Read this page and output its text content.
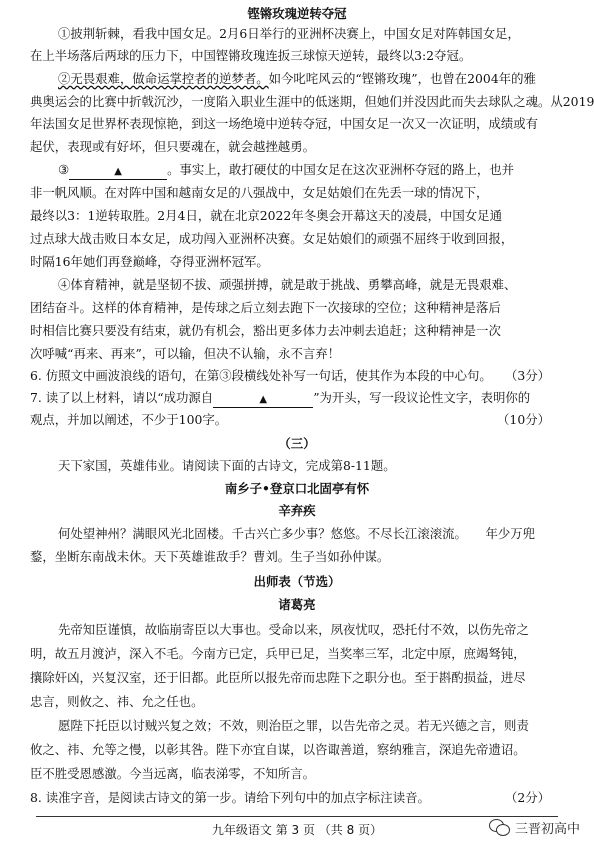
铿锵玫瑰逆转夺冠
①披荆斩棘，看我中国女足。2月6日举行的亚洲杯决赛上，中国女足对阵韩国女足，
在上半场落后两球的压力下，中国铿锵玫瑰连扳三球惊天逆转，最终以3:2夺冠。
②无畏艰难，做命运掌控者的逆梦者。如今叱咤风云的“铿锵玫瑰”，也曾在2004年的雅
典奥运会的比赛中折戟沉沙，一度陷入职业生涯中的低迷期，但她们并没因此而失去球队之魂。从2019
年法国女足世界杯表现惊艳，到这一场绝境中逆转夺冠，中国女足一次又一次证明，成绩或有
起伏，表现或有好坏，但只要魂在，就会越挫越勇。
③	▲	。事实上，敢打硬仗的中国女足在这次亚洲杯夺冠的路上，也并
非一帆风顺。在对阵中国和越南女足的八强战中，女足姑娘们在先丢一球的情况下，
最终以3：1逆转取胜。2月4日，就在北京2022年冬奥会开幕这天的凌晨，中国女足通
过点球大战击败日本女足，成功闯入亚洲杯决赛。女足姑娘们的顽强不屈终于收到回报，
时隔16年她们再登巅峰，夺得亚洲杯冠军。
④体育精神，就是坚韧不拔、顽强拼搏，就是敢于挑战、勇攀高峰，就是无畏艰难、
团结奋斗。这样的体育精神，是传球之后立刻去跑下一次接球的空位；这种精神是落后
时相信比赛只要没有结束，就仍有机会，豁出更多体力去冲刺去追赶；这种精神是一次
次呼喊“再来、再来”，可以输，但决不认输，永不言弃！
6. 仿照文中画波浪线的语句，在第③段横线处补写一句话，使其作为本段的中心句。 （3分）
7. 读了以上材料，请以“成功源自	▲	”为开头，写一段议论性文字，表明你的
观点，并加以阐述，不少于100字。	（10分）
（三）
天下家国，英雄伟业。请阅读下面的古诗文，完成第8-11题。
南乡子•登京口北固亭有怀
辛弃疾
何处望神州？满眼风光北固楼。千古兴亡多少事？悠悠。不尽长江滚滚流。　　年少万兜
鍪，坐断东南战未休。天下英雄谁敌手？曹刘。生子当如孙仲谋。
出师表（节选）
诸葛亮
先帝知臣谨慎，故临崩寄臣以大事也。受命以来，夙夜忧叹，恐托付不效，以伤先帝之
明，故五月渡泸，深入不毛。今南方已定，兵甲已足，当奖率三军，北定中原，庶竭驽钝，
攘除奸凶，兴复汉室，还于旧都。此臣所以报先帝而忠陛下之职分也。至于斟酌损益，进尽
忠言，则攸之、祎、允之任也。
愿陛下托臣以讨贼兴复之效；不效，则治臣之罪，以告先帝之灵。若无兴德之言，则责
攸之、祎、允等之慢，以彰其咎。陛下亦宜自谋，以咨诹善道，察纳雅言，深追先帝遗诏。
臣不胜受恩感激。今当远离，临表涕零，不知所言。
8. 读准字音，是阅读古诗文的第一步。请给下列句中的加点字标注读音。	（2分）
九年级语文 第 3 页 （共 8 页）	三晋初高中
